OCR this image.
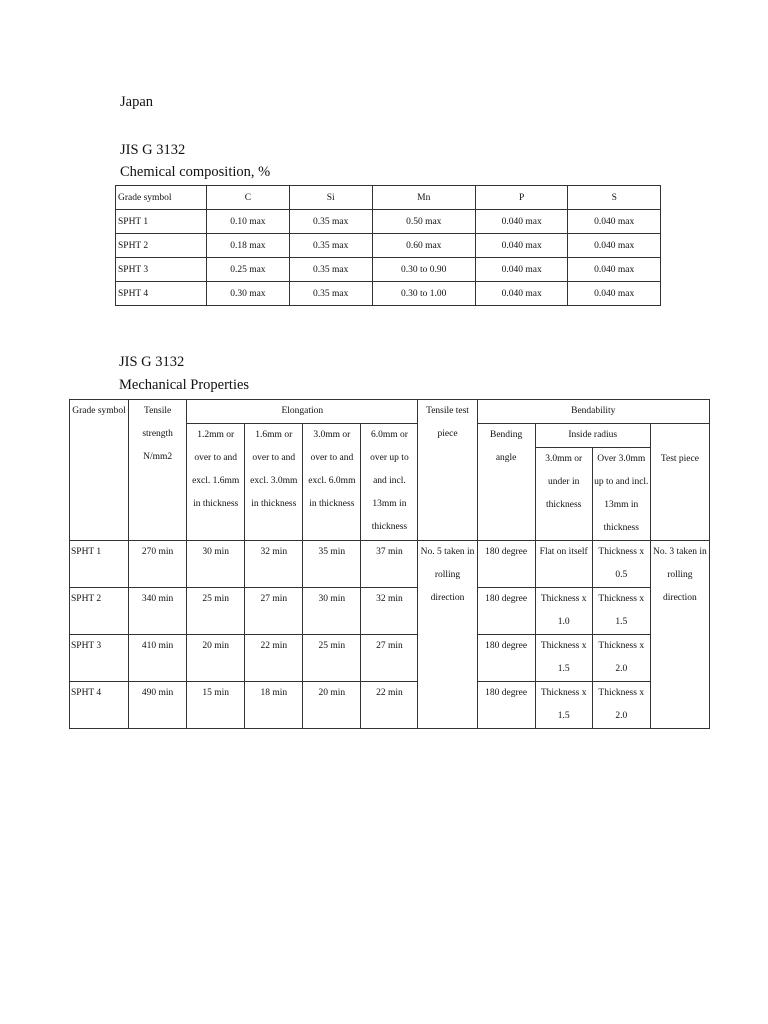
Japan
JIS G 3132
Chemical composition, %
Grade symbol	C	Si	Mn	P	S
SPHT 1	0.10 max	0.35 max	0.50 max	0.040 max	0.040 max
SPHT 2	0.18 max	0.35 max	0.60 max	0.040 max	0.040 max
SPHT 3	0.25 max	0.35 max	0.30 to 0.90	0.040 max	0.040 max
SPHT 4	0.30 max	0.35 max	0.30 to 1.00	0.040 max	0.040 max
JIS G 3132
Mechanical Properties
Grade symbol	Tensile strength N/mm2	Elongation				Tensile test piece	Bendability			
		1.2mm or over to and excl. 1.6mm in thickness	1.6mm or over to and excl. 3.0mm in thickness	3.0mm or over to and excl. 6.0mm in thickness	6.0mm or over up to and incl. 13mm in thickness		Bending angle	Inside radius		
								3.0mm or under in thickness	Over 3.0mm up to and incl. 13mm in thickness	Test piece
SPHT 1	270 min	30 min	32 min	35 min	37 min	No. 5 taken in rolling direction	180 degree	Flat on itself	Thickness x 0.5	No. 3 taken in rolling direction
SPHT 2	340 min	25 min	27 min	30 min	32 min		180 degree	Thickness x 1.0	Thickness x 1.5	
SPHT 3	410 min	20 min	22 min	25 min	27 min		180 degree	Thickness x 1.5	Thickness x 2.0	
SPHT 4	490 min	15 min	18 min	20 min	22 min		180 degree	Thickness x 1.5	Thickness x 2.0	
